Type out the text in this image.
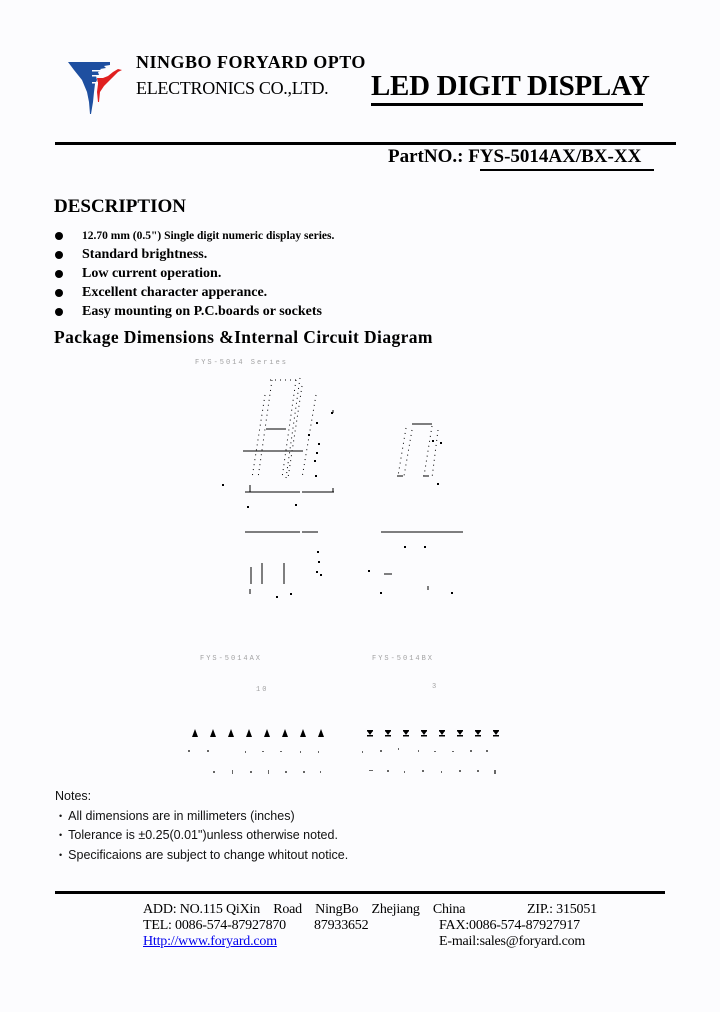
NINGBO FORYARD OPTO
ELECTRONICS CO.,LTD. LED DIGIT DISPLAY
PartNO.: FYS-5014AX/BX-XX
DESCRIPTION
12.70 mm (0.5") Single digit numeric display series.
Standard brightness.
Low current operation.
Excellent character apperance.
Easy mounting on P.C.boards or sockets
Package Dimensions &Internal Circuit Diagram
FYS-5014 Series
FYS-5014AX	FYS-5014BX
10	3
Notes:
• All dimensions are in millimeters (inches)
• Tolerance is ±0.25(0.01")unless otherwise noted.
• Specificaions are subject to change whitout notice.
ADD: NO.115 QiXin    Road    NingBo    Zhejiang    China	ZIP.: 315051
TEL: 0086-574-87927870 87933652	FAX:0086-574-87927917
Http://www.foryard.com	E-mail:sales@foryard.com
